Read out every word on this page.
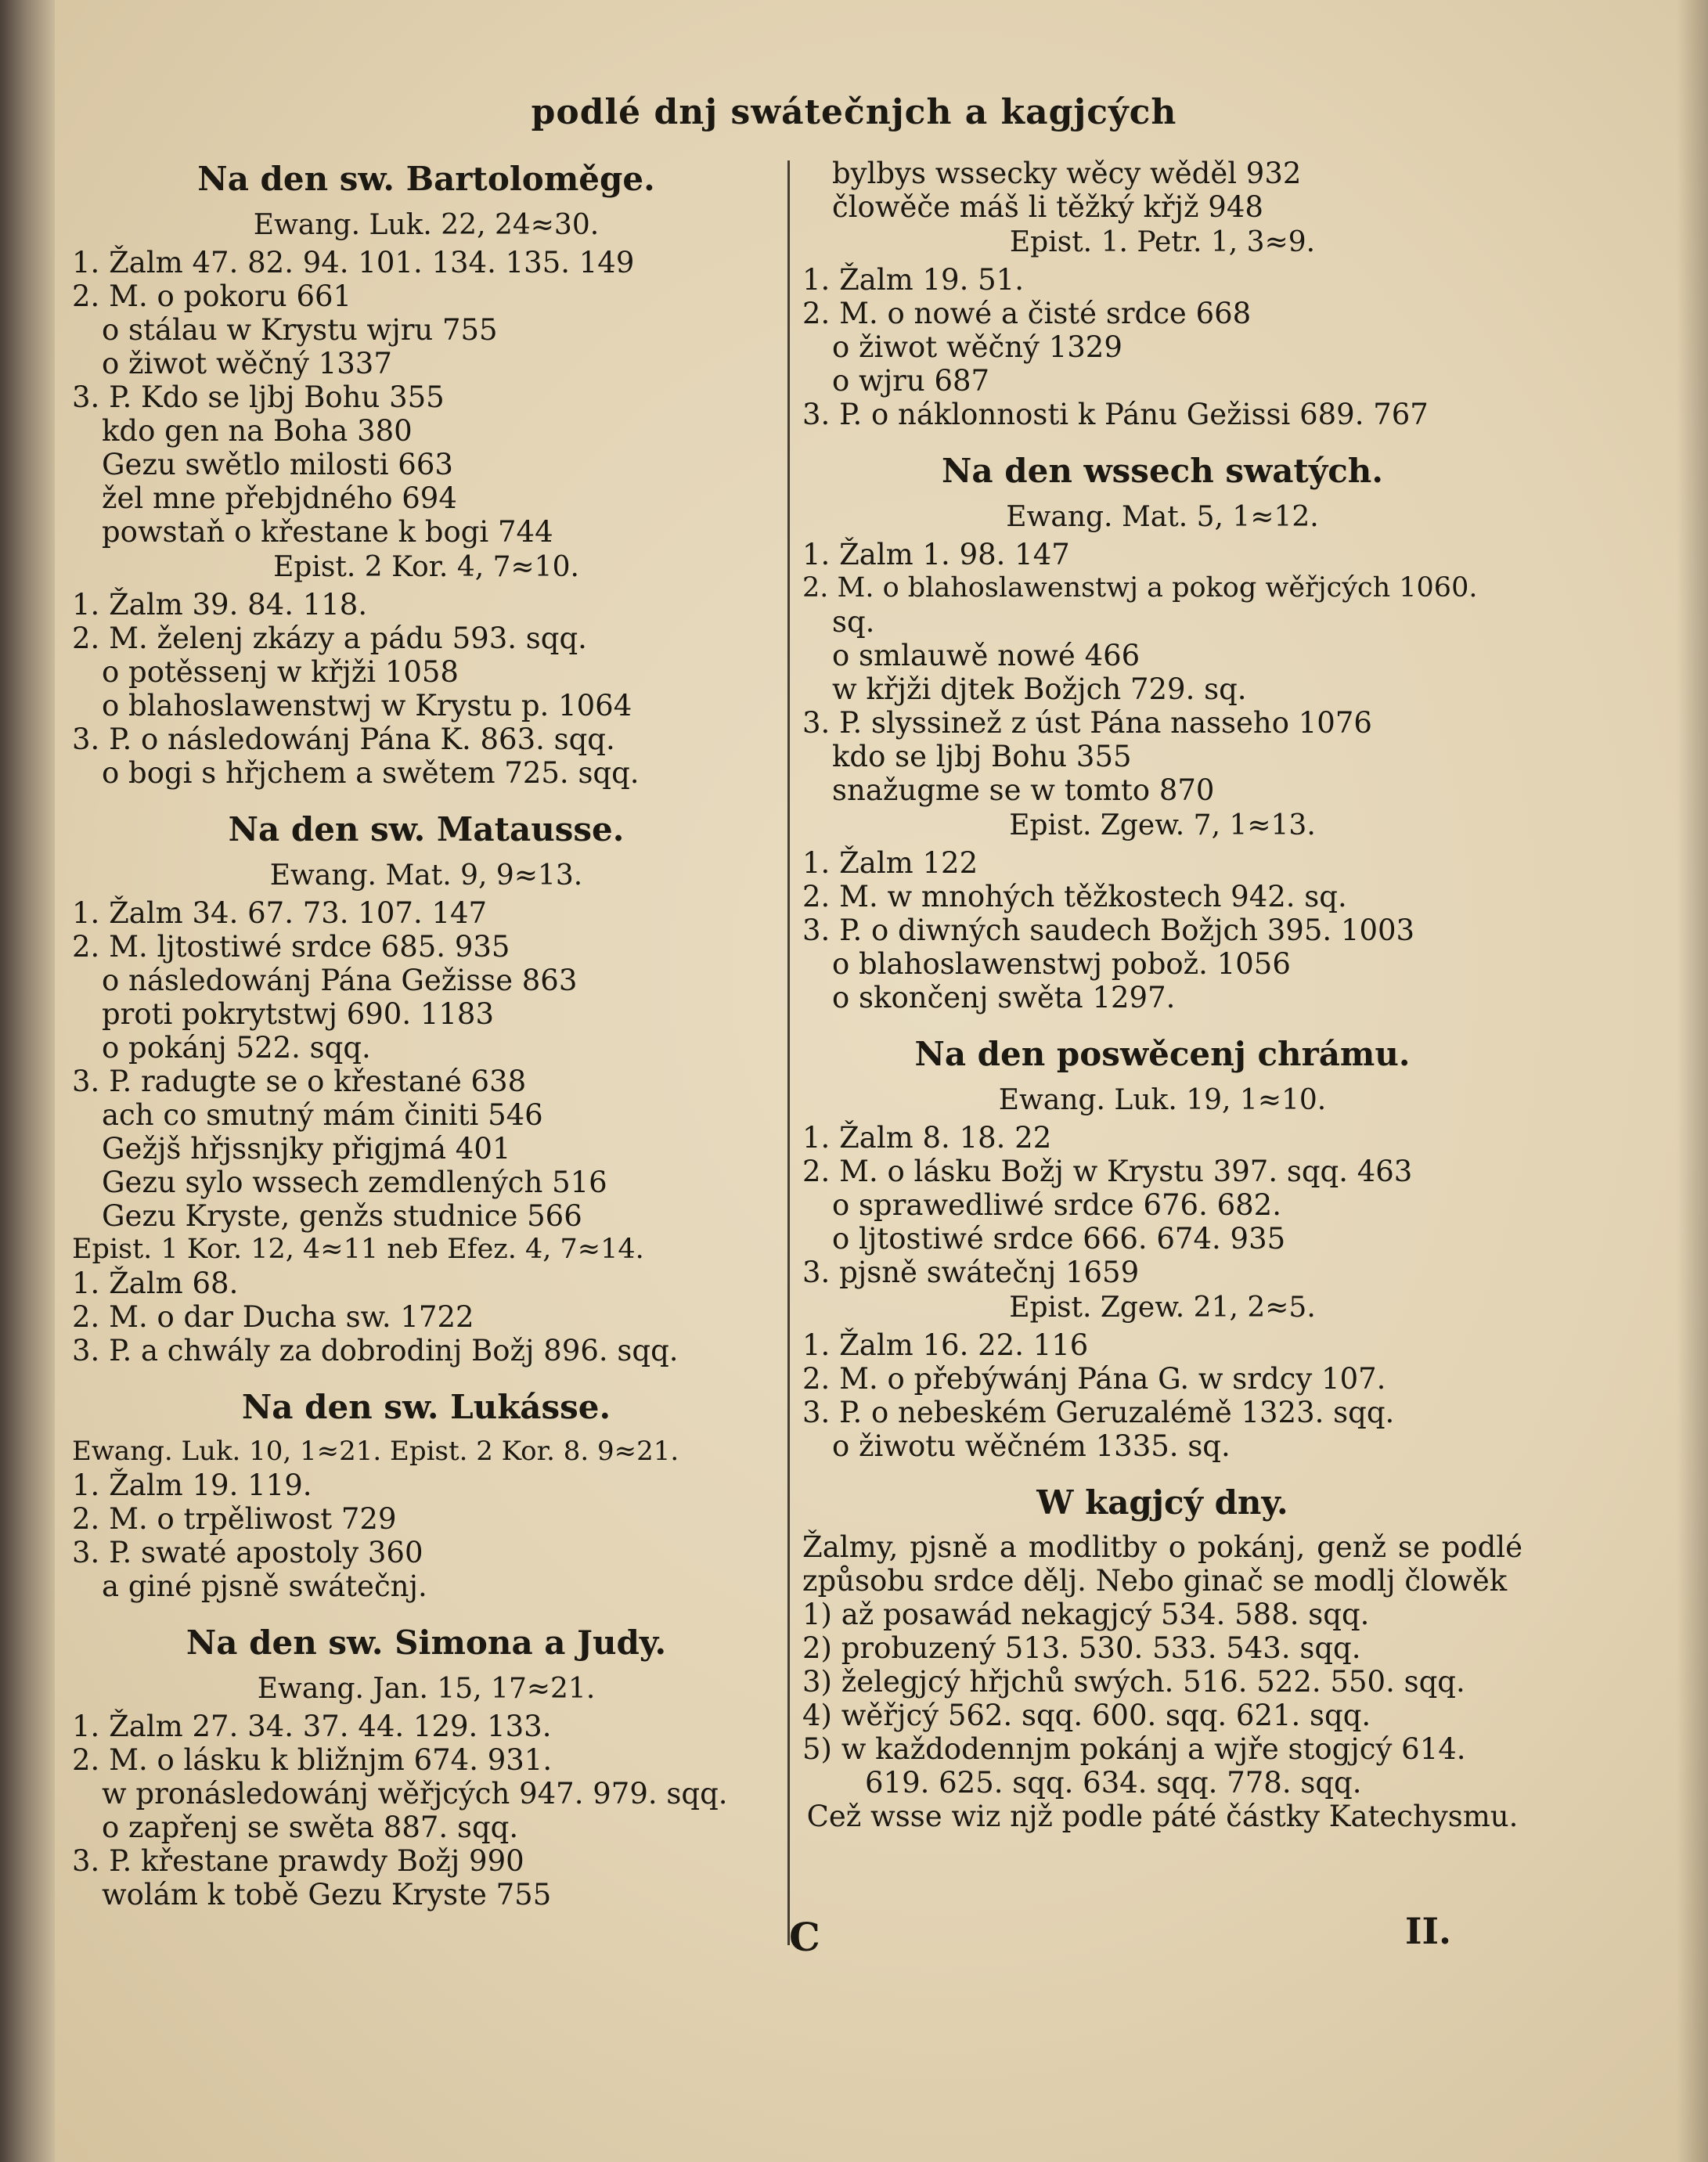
podlé dnj swátečnjch a kagjcých
Na den sw. Bartoloměge.
Ewang. Luk. 22, 24≈30.
1. Žalm 47. 82. 94. 101. 134. 135. 149
2. M. o pokoru 661
o stálau w Krystu wjru 755
o žiwot wěčný 1337
3. P. Kdo se ljbj Bohu 355
kdo gen na Boha 380
Gezu swětlo milosti 663
žel mne přebjdného 694
powstaň o křestane k bogi 744
Epist. 2 Kor. 4, 7≈10.
1. Žalm 39. 84. 118.
2. M. želenj zkázy a pádu 593. sqq.
o potěssenj w křjži 1058
o blahoslawenstwj w Krystu p. 1064
3. P. o následowánj Pána K. 863. sqq.
o bogi s hřjchem a swětem 725. sqq.
Na den sw. Matausse.
Ewang. Mat. 9, 9≈13.
1. Žalm 34. 67. 73. 107. 147
2. M. ljtostiwé srdce 685. 935
o následowánj Pána Gežisse 863
proti pokrytstwj 690. 1183
o pokánj 522. sqq.
3. P. radugte se o křestané 638
ach co smutný mám činiti 546
Gežjš hřjssnjky přigjmá 401
Gezu sylo wssech zemdlených 516
Gezu Kryste, genžs studnice 566
Epist. 1 Kor. 12, 4≈11 neb Efez. 4, 7≈14.
1. Žalm 68.
2. M. o dar Ducha sw. 1722
3. P. a chwály za dobrodinj Božj 896. sqq.
Na den sw. Lukásse.
Ewang. Luk. 10, 1≈21. Epist. 2 Kor. 8. 9≈21.
1. Žalm 19. 119.
2. M. o trpěliwost 729
3. P. swaté apostoly 360
a giné pjsně swátečnj.
Na den sw. Simona a Judy.
Ewang. Jan. 15, 17≈21.
1. Žalm 27. 34. 37. 44. 129. 133.
2. M. o lásku k bližnjm 674. 931.
w pronásledowánj wěřjcých 947. 979. sqq.
o zapřenj se swěta 887. sqq.
3. P. křestane prawdy Božj 990
wolám k tobě Gezu Kryste 755
bylbys wssecky wěcy wěděl 932
člowěče máš li těžký křjž 948
Epist. 1. Petr. 1, 3≈9.
1. Žalm 19. 51.
2. M. o nowé a čisté srdce 668
o žiwot wěčný 1329
o wjru 687
3. P. o náklonnosti k Pánu Gežissi 689. 767
Na den wssech swatých.
Ewang. Mat. 5, 1≈12.
1. Žalm 1. 98. 147
2. M. o blahoslawenstwj a pokog wěřjcých 1060.
sq.
o smlauwě nowé 466
w křjži djtek Božjch 729. sq.
3. P. slyssinež z úst Pána nasseho 1076
kdo se ljbj Bohu 355
snažugme se w tomto 870
Epist. Zgew. 7, 1≈13.
1. Žalm 122
2. M. w mnohých těžkostech 942. sq.
3. P. o diwných saudech Božjch 395. 1003
o blahoslawenstwj pobož. 1056
o skončenj swěta 1297.
Na den poswěcenj chrámu.
Ewang. Luk. 19, 1≈10.
1. Žalm 8. 18. 22
2. M. o lásku Božj w Krystu 397. sqq. 463
o sprawedliwé srdce 676. 682.
o ljtostiwé srdce 666. 674. 935
3. pjsně swátečnj 1659
Epist. Zgew. 21, 2≈5.
1. Žalm 16. 22. 116
2. M. o přebýwánj Pána G. w srdcy 107.
3. P. o nebeském Geruzalémě 1323. sqq.
o žiwotu wěčném 1335. sq.
W kagjcý dny.
Žalmy, pjsně a modlitby o pokánj, genž se podlé způsobu srdce dělj. Nebo ginač se modlj člowěk
1) až posawád nekagjcý 534. 588. sqq.
2) probuzený 513. 530. 533. 543. sqq.
3) želegjcý hřjchů swých. 516. 522. 550. sqq.
4) wěřjcý 562. sqq. 600. sqq. 621. sqq.
5) w každodennjm pokánj a wjře stogjcý 614.
619. 625. sqq. 634. sqq. 778. sqq.
Cež wsse wiz njž podle páté částky Katechysmu.
C	II.
